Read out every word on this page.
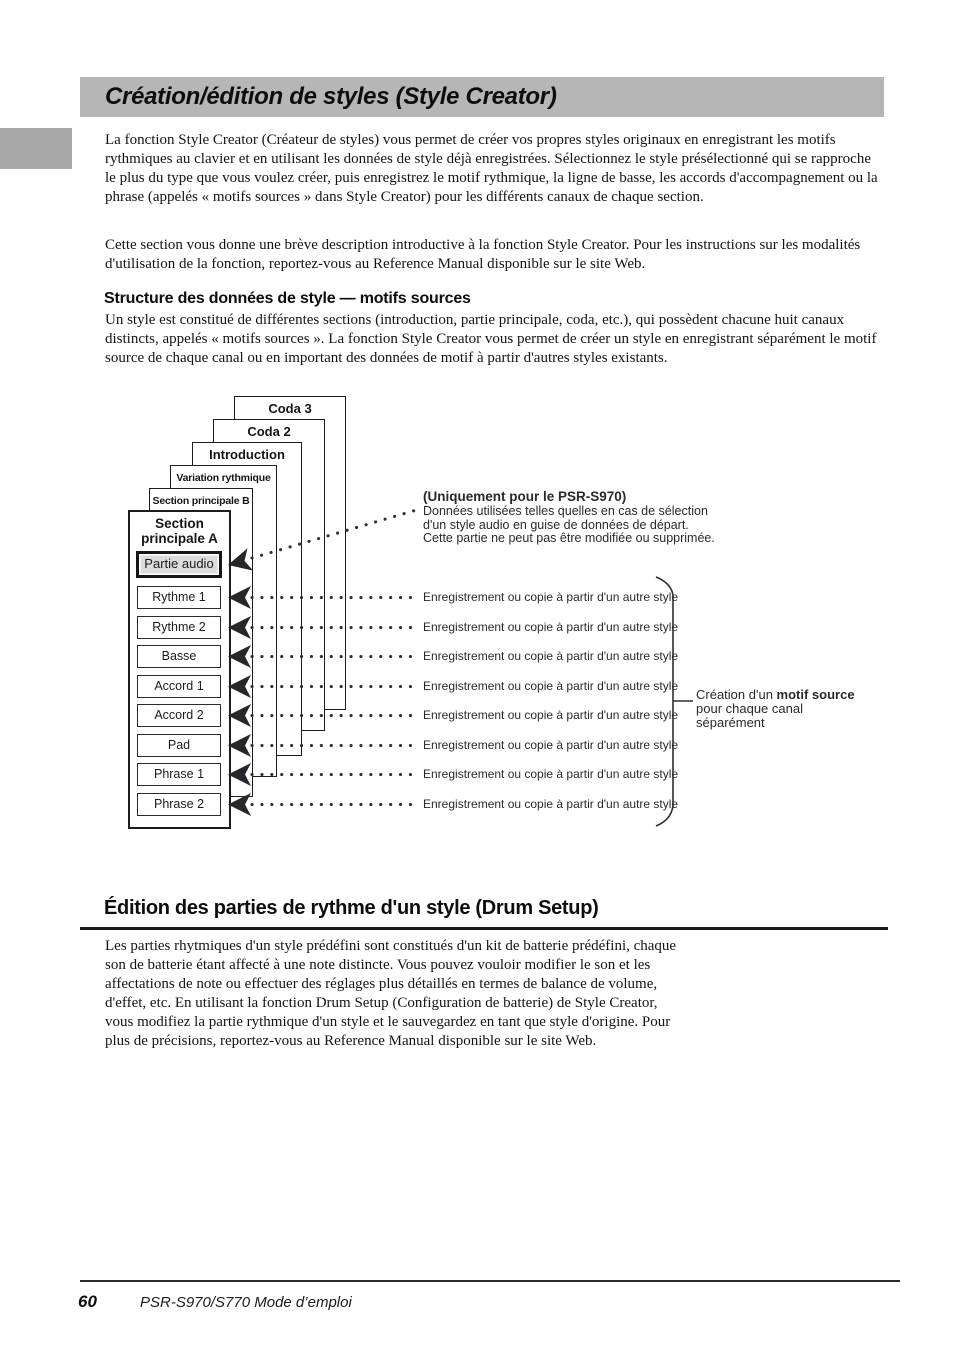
Création/édition de styles (Style Creator)

La fonction Style Creator (Créateur de styles) vous permet de créer vos propres styles originaux en enregistrant les motifs rythmiques au clavier et en utilisant les données de style déjà enregistrées. Sélectionnez le style présélectionné qui se rapproche le plus du type que vous voulez créer, puis enregistrez le motif rythmique, la ligne de basse, les accords d'accompagnement ou la phrase (appelés « motifs sources » dans Style Creator) pour les différents canaux de chaque section.

Cette section vous donne une brève description introductive à la fonction Style Creator. Pour les instructions sur les modalités d'utilisation de la fonction, reportez-vous au Reference Manual disponible sur le site Web.

Structure des données de style — motifs sources

Un style est constitué de différentes sections (introduction, partie principale, coda, etc.), qui possèdent chacune huit canaux distincts, appelés « motifs sources ». La fonction Style Creator vous permet de créer un style en enregistrant séparément le motif source de chaque canal ou en important des données de motif à partir d'autres styles existants.

Coda 3
Coda 2
Introduction
Variation rythmique
Section principale B
Section
principale A
Partie audio
Rythme 1
Rythme 2
Basse
Accord 1
Accord 2
Pad
Phrase 1
Phrase 2
(Uniquement pour le PSR-S970)
Données utilisées telles quelles en cas de sélection
d'un style audio en guise de données de départ.
Cette partie ne peut pas être modifiée ou supprimée.
Enregistrement ou copie à partir d'un autre style
Enregistrement ou copie à partir d'un autre style
Enregistrement ou copie à partir d'un autre style
Enregistrement ou copie à partir d'un autre style
Enregistrement ou copie à partir d'un autre style
Enregistrement ou copie à partir d'un autre style
Enregistrement ou copie à partir d'un autre style
Enregistrement ou copie à partir d'un autre style
Création d'un motif source
pour chaque canal
séparément
Édition des parties de rythme d'un style (Drum Setup)

Les parties rhytmiques d'un style prédéfini sont constitués d'un kit de batterie prédéfini, chaque son de batterie étant affecté à une note distincte. Vous pouvez vouloir modifier le son et les affectations de note ou effectuer des réglages plus détaillés en termes de balance de volume, d'effet, etc. En utilisant la fonction Drum Setup (Configuration de batterie) de Style Creator, vous modifiez la partie rythmique d'un style et le sauvegardez en tant que style d'origine. Pour plus de précisions, reportez-vous au Reference Manual disponible sur le site Web.

60	PSR-S970/S770 Mode d’emploi
